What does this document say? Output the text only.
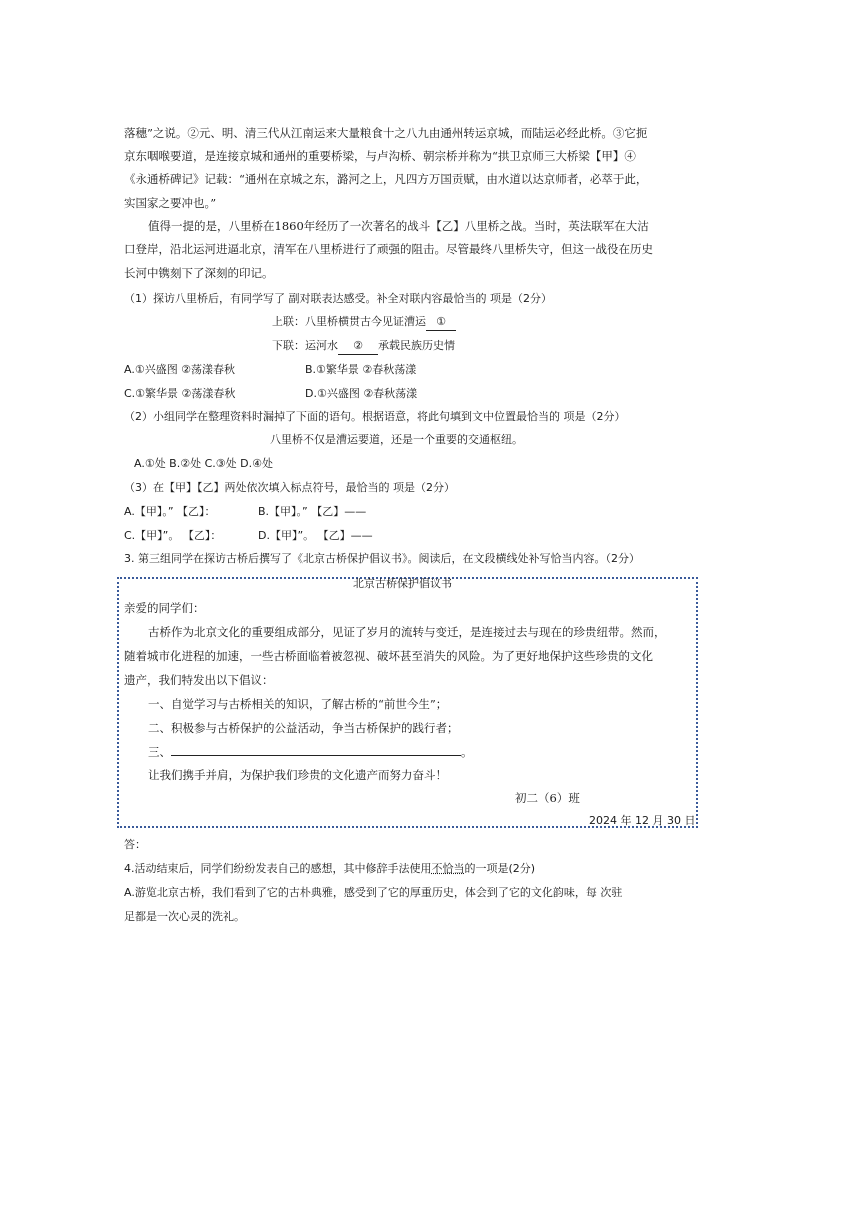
落穗”之说。②元、明、清三代从江南运来大量粮食十之八九由通州转运京城，而陆运必经此桥。③它扼
京东咽喉要道，是连接京城和通州的重要桥梁，与卢沟桥、朝宗桥并称为“拱卫京师三大桥梁【甲】④
《永通桥碑记》记载：“通州在京城之东，潞河之上，凡四方万国贡赋，由水道以达京师者，必萃于此，
实国家之要冲也。”
值得一提的是，八里桥在1860年经历了一次著名的战斗【乙】八里桥之战。当时，英法联军在大沽
口登岸，沿北运河进逼北京，清军在八里桥进行了顽强的阻击。尽管最终八里桥失守，但这一战役在历史
长河中镌刻下了深刻的印记。
（1）探访八里桥后，有同学写了 副对联表达感受。补全对联内容最恰当的 项是（2分）
上联：八里桥横贯古今见证漕运 ①
下联：运河水 ② 承载民族历史情
A.①兴盛图 ②荡漾春秋	B.①繁华景 ②春秋荡漾
C.①繁华景 ②荡漾春秋	D.①兴盛图 ②春秋荡漾
（2）小组同学在整理资料时漏掉了下面的语句。根据语意，将此句填到文中位置最恰当的 项是（2分）
八里桥不仅是漕运要道，还是一个重要的交通枢纽。
A.①处 B.②处 C.③处 D.④处
（3）在【甲】【乙】两处依次填入标点符号，最恰当的 项是（2分）
A.【甲】。” 【乙】：	B.【甲】。” 【乙】——
C.【甲】”。 【乙】：	D.【甲】”。 【乙】——
3. 第三组同学在探访古桥后撰写了《北京古桥保护倡议书》。阅读后，在文段横线处补写恰当内容。（2分）
北京古桥保护倡议书
亲爱的同学们：
古桥作为北京文化的重要组成部分，见证了岁月的流转与变迁，是连接过去与现在的珍贵纽带。然而，
随着城市化进程的加速，一些古桥面临着被忽视、破坏甚至消失的风险。为了更好地保护这些珍贵的文化
遗产，我们特发出以下倡议：
一、自觉学习与古桥相关的知识，了解古桥的“前世今生”；
二、积极参与古桥保护的公益活动，争当古桥保护的践行者；
三、	。
让我们携手并肩，为保护我们珍贵的文化遗产而努力奋斗！
初二（6）班
2024 年 12 月 30 日
答：
4.活动结束后，同学们纷纷发表自己的感想，其中修辞手法使用不恰当的一项是(2分)
A.游览北京古桥，我们看到了它的古朴典雅，感受到了它的厚重历史，体会到了它的文化韵味，每 次驻
足都是一次心灵的洗礼。
